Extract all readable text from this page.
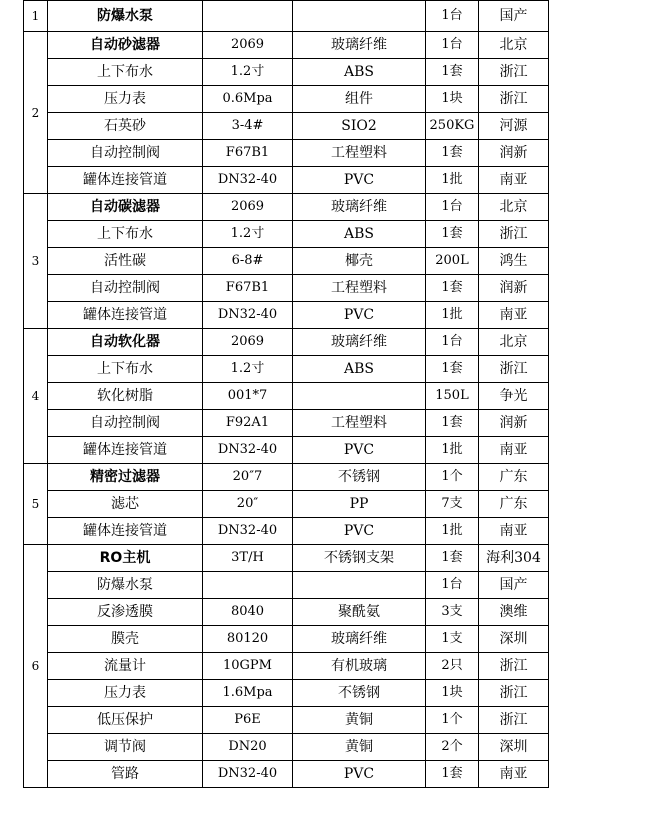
1	防爆水泵			1台	国产
2	自动砂滤器	2069	玻璃纤维	1台	北京
	上下布水	1.2寸	ABS	1套	浙江
	压力表	0.6Mpa	组件	1块	浙江
	石英砂	3-4#	SIO2	250KG	河源
	自动控制阀	F67B1	工程塑料	1套	润新
	罐体连接管道	DN32-40	PVC	1批	南亚
3	自动碳滤器	2069	玻璃纤维	1台	北京
	上下布水	1.2寸	ABS	1套	浙江
	活性碳	6-8#	椰壳	200L	鸿生
	自动控制阀	F67B1	工程塑料	1套	润新
	罐体连接管道	DN32-40	PVC	1批	南亚
4	自动软化器	2069	玻璃纤维	1台	北京
	上下布水	1.2寸	ABS	1套	浙江
	软化树脂	001*7		150L	争光
	自动控制阀	F92A1	工程塑料	1套	润新
	罐体连接管道	DN32-40	PVC	1批	南亚
5	精密过滤器	20″7	不锈钢	1个	广东
	滤芯	20″	PP	7支	广东
	罐体连接管道	DN32-40	PVC	1批	南亚
6	RO主机	3T/H	不锈钢支架	1套	海利304
	防爆水泵			1台	国产
	反渗透膜	8040	聚酰氨	3支	澳维
	膜壳	80120	玻璃纤维	1支	深圳
	流量计	10GPM	有机玻璃	2只	浙江
	压力表	1.6Mpa	不锈钢	1块	浙江
	低压保护	P6E	黄铜	1个	浙江
	调节阀	DN20	黄铜	2个	深圳
	管路	DN32-40	PVC	1套	南亚
